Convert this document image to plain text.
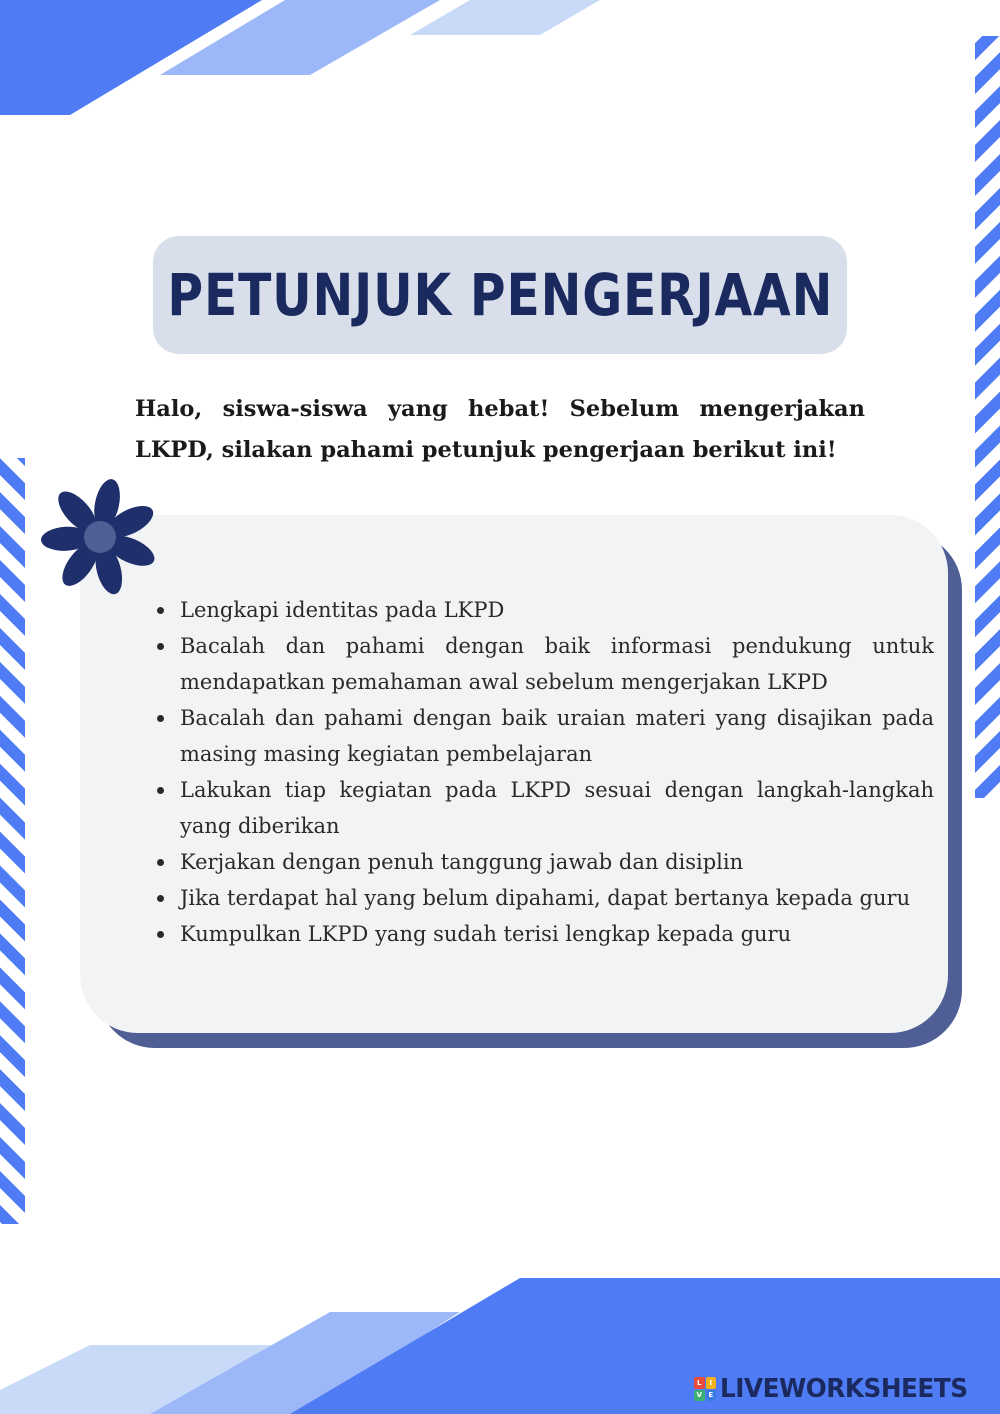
PETUNJUK PENGERJAAN

Halo, siswa-siswa yang hebat! Sebelum mengerjakan LKPD, silakan pahami petunjuk pengerjaan berikut ini!

Lengkapi identitas pada LKPD
Bacalah dan pahami dengan baik informasi pendukung untuk mendapatkan pemahaman awal sebelum mengerjakan LKPD
Bacalah dan pahami dengan baik uraian materi yang disajikan pada masing masing kegiatan pembelajaran
Lakukan tiap kegiatan pada LKPD sesuai dengan langkah-langkah yang diberikan
Kerjakan dengan penuh tanggung jawab dan disiplin
Jika terdapat hal yang belum dipahami, dapat bertanya kepada guru
Kumpulkan LKPD yang sudah terisi lengkap kepada guru
L	I
V E LIVEWORKSHEETS
